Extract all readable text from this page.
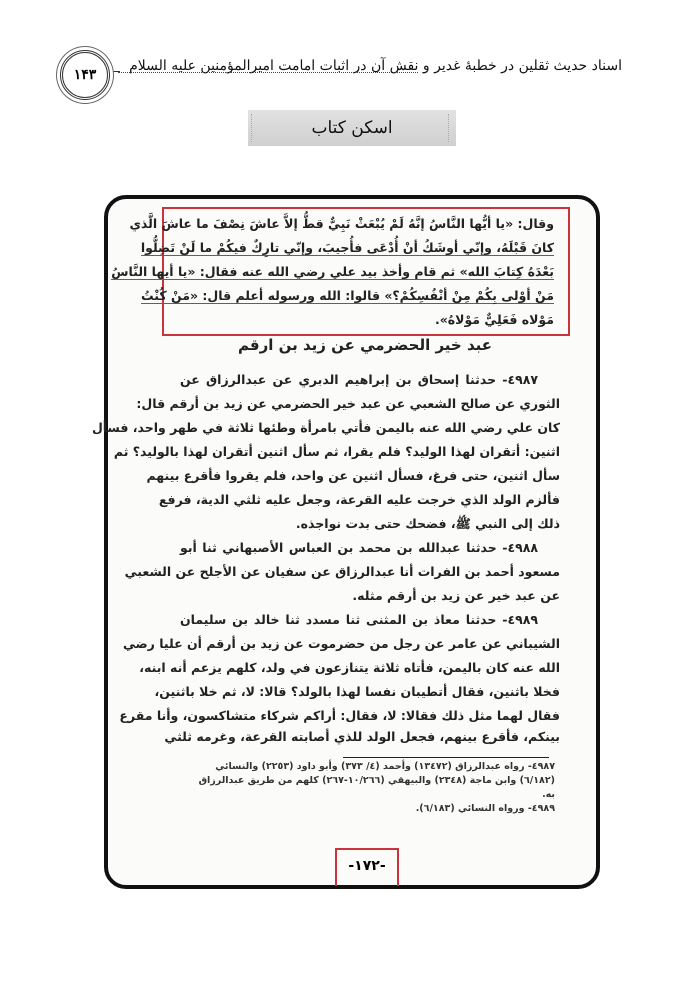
اسناد حدیث ثقلین در خطبهٔ غدیر و نقش آن در اثبات امامت امیرالمؤمنین عليه السلام
۱۴۳
اسکن کتاب
وقال: «يا أيُّها النَّاسُ إنَّهُ لَمْ يُبْعَثْ نَبِيٌّ قطُّ إلاَّ عاشَ نِصْفَ ما عاشَ الَّذي
كانَ قَبْلَهُ، وإنّي أوشَكُ أنْ أُدْعَى فأُجيبَ، وإنّي تارِكٌ فيكُمْ ما لَنْ تَضِلُّوا
بَعْدَهُ كِتابَ الله» ثم قام وأخذ بيد علي رضي الله عنه فقال: «يا أيها النَّاسُ
مَنْ أوْلى بِكُمْ مِنْ أنْفُسِكُمْ؟» قالوا: الله ورسوله أعلم قال: «مَنْ كُنْتُ
مَوْلاه فَعَلِيٌّ مَوْلاهُ».
عبد خير الحضرمي عن زيد بن ارقم
٤٩٨٧- حدثنا إسحاق بن إبراهيم الدبري عن عبدالرزاق عن
الثوري عن صالح الشعبي عن عبد خير الحضرمي عن زيد بن أرقم قال:
كان علي رضي الله عنه باليمن فأتي بامرأة وطئها ثلاثة في طهر واحد، فسأل
اثنين: أتقران لهذا الوليد؟ فلم يقرا، ثم سأل اثنين أتقران لهذا بالوليد؟ ثم
سأل اثنين، حتى فرغ، فسأل اثنين عن واحد، فلم يقروا فأقرع بينهم
فألزم الولد الذي خرجت عليه القرعة، وجعل عليه ثلثي الدية، فرفع
ذلك إلى النبي ﷺ، فضحك حتى بدت نواجذه.
٤٩٨٨- حدثنا عبدالله بن محمد بن العباس الأصبهاني ثنا أبو
مسعود أحمد بن الفرات أنا عبدالرزاق عن سفيان عن الأجلح عن الشعبي
عن عبد خير عن زيد بن أرقم مثله.
٤٩٨٩- حدثنا معاذ بن المثنى ثنا مسدد ثنا خالد بن سليمان
الشيباني عن عامر عن رجل من حضرموت عن زيد بن أرقم أن عليا رضي
الله عنه كان باليمن، فأتاه ثلاثة يتنازعون في ولد، كلهم يزعم أنه ابنه،
فخلا باثنين، فقال أتطيبان نفسا لهذا بالولد؟ قالا: لا، ثم خلا باثنين،
فقال لهما مثل ذلك فقالا: لا، فقال: أراكم شركاء متشاكسون، وأنا مقرع
بينكم، فأقرع بينهم، فجعل الولد للذي أصابته القرعة، وغرمه ثلثي
٤٩٨٧- رواه عبدالرزاق (١٣٤٧٢) وأحمد (٤/ ٣٧٣) وأبو داود (٢٢٥٣) والنسائي
(٦/١٨٢) وابن ماجة (٢٣٤٨) والبيهقي (١٠/٢٦٦-٢٦٧) كلهم من طريق عبدالرزاق
به.
٤٩٨٩- ورواه النسائي (٦/١٨٣).
-١٧٢-
